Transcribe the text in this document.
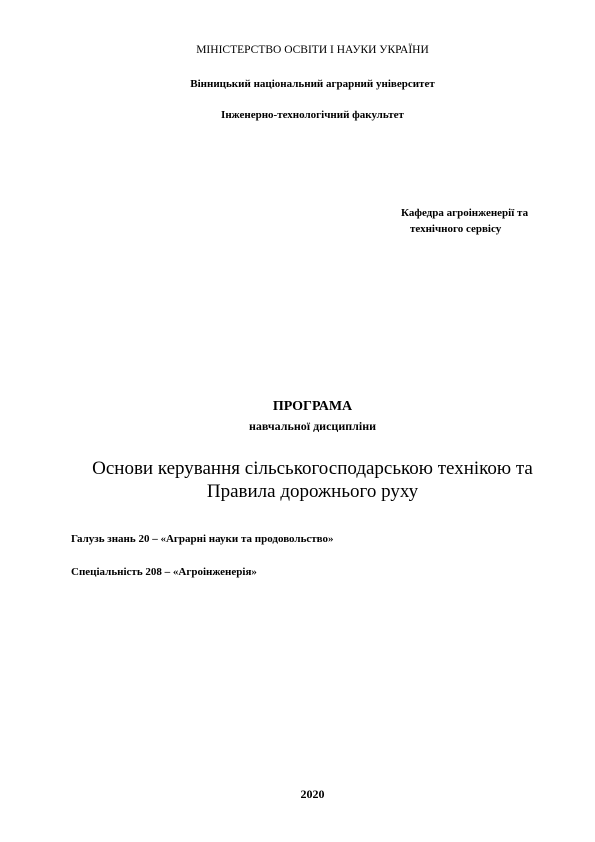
МІНІСТЕРСТВО ОСВІТИ І НАУКИ УКРАЇНИ
Вінницький національний аграрний університет
Інженерно-технологічний факультет
Кафедра агроінженерії та
технічного сервісу
ПРОГРАМА
навчальної дисципліни
Основи керування сільськогосподарською технікою та
Правила дорожнього руху
Галузь знань 20 – «Аграрні науки та продовольство»
Спеціальність 208 – «Агроінженерія»
2020
